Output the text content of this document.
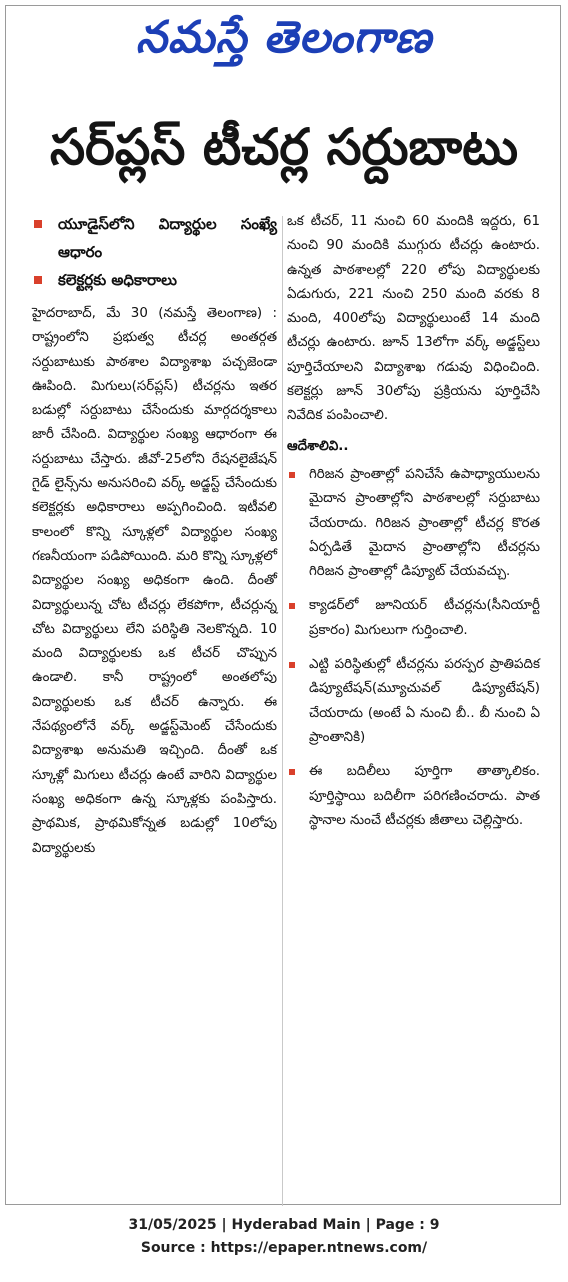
నమస్తే తెలంగాణ
సర్‌ప్లస్ టీచర్ల సర్దుబాటు
యూడైస్‌లోని విద్యార్థుల సంఖ్యే ఆధారం
కలెక్టర్లకు అధికారాలు

హైదరాబాద్, మే 30 (నమస్తే తెలంగాణ) : రాష్ట్రంలోని ప్రభుత్వ టీచర్ల అంతర్గత సర్దుబాటుకు పాఠశాల విద్యాశాఖ పచ్చజెండా ఊపింది. మిగులు(సర్‌ప్లస్) టీచర్లను ఇతర బడుల్లో సర్దుబాటు చేసేందుకు మార్గదర్శకాలు జారీ చేసింది. విద్యార్థుల సంఖ్య ఆధారంగా ఈ సర్దుబాటు చేస్తారు. జీవో-25లోని రేషనలైజేషన్ గైడ్ లైన్స్‌ను అనుసరించి వర్క్ అడ్జస్ట్ చేసేందుకు కలెక్టర్లకు అధికారాలు అప్పగించింది. ఇటీవలి కాలంలో కొన్ని స్కూళ్లలో విద్యార్థుల సంఖ్య గణనీయంగా పడిపోయింది. మరి కొన్ని స్కూళ్లలో విద్యార్థుల సంఖ్య అధికంగా ఉంది. దీంతో విద్యార్థులున్న చోట టీచర్లు లేకపోగా, టీచర్లున్న చోట విద్యార్థులు లేని పరిస్థితి నెలకొన్నది. 10 మంది విద్యార్థులకు ఒక టీచర్ చొప్పున ఉండాలి. కానీ రాష్ట్రంలో అంతలోపు విద్యార్థులకు ఒక టీచర్ ఉన్నారు. ఈ నేపథ్యంలోనే వర్క్ అడ్జస్ట్‌మెంట్ చేసేందుకు విద్యాశాఖ అనుమతి ఇచ్చింది. దీంతో ఒక స్కూళ్లో మిగులు టీచర్లు ఉంటే వారిని విద్యార్థుల సంఖ్య అధికంగా ఉన్న స్కూళ్లకు పంపిస్తారు. ప్రాథమిక, ప్రాథమికోన్నత బడుల్లో 10లోపు విద్యార్థులకు

ఒక టీచర్, 11 నుంచి 60 మందికి ఇద్దరు, 61 నుంచి 90 మందికి ముగ్గురు టీచర్లు ఉంటారు. ఉన్నత పాఠశాలల్లో 220 లోపు విద్యార్థులకు ఏడుగురు, 221 నుంచి 250 మంది వరకు 8 మంది, 400లోపు విద్యార్థులుంటే 14 మంది టీచర్లు ఉంటారు. జూన్ 13లోగా వర్క్ అడ్జస్ట్‌లు పూర్తిచేయాలని విద్యాశాఖ గడువు విధించింది. కలెక్టర్లు జూన్ 30లోపు ప్రక్రియను పూర్తిచేసి నివేదిక పంపించాలి.

ఆదేశాలివి..
గిరిజన ప్రాంతాల్లో పనిచేసే ఉపాధ్యాయులను మైదాన ప్రాంతాల్లోని పాఠశాలల్లో సర్దుబాటు చేయరాదు. గిరిజన ప్రాంతాల్లో టీచర్ల కొరత ఏర్పడితే మైదాన ప్రాంతాల్లోని టీచర్లను గిరిజన ప్రాంతాల్లో డిప్యూట్ చేయవచ్చు.
క్యాడర్‌లో జూనియర్ టీచర్లను(సీనియార్టీ ప్రకారం) మిగులుగా గుర్తించాలి.
ఎట్టి పరిస్థితుల్లో టీచర్లను పరస్పర ప్రాతిపదిక డిప్యూటేషన్(మ్యూచువల్ డిప్యూటేషన్) చేయరాదు (అంటే ఏ నుంచి బీ.. బీ నుంచి ఏ ప్రాంతానికి)
ఈ బదిలీలు పూర్తిగా తాత్కాలికం. పూర్తిస్థాయి బదిలీగా పరిగణించరాదు. పాత స్థానాల నుంచే టీచర్లకు జీతాలు చెల్లిస్తారు.
31/05/2025 | Hyderabad Main | Page : 9
Source : https://epaper.ntnews.com/
